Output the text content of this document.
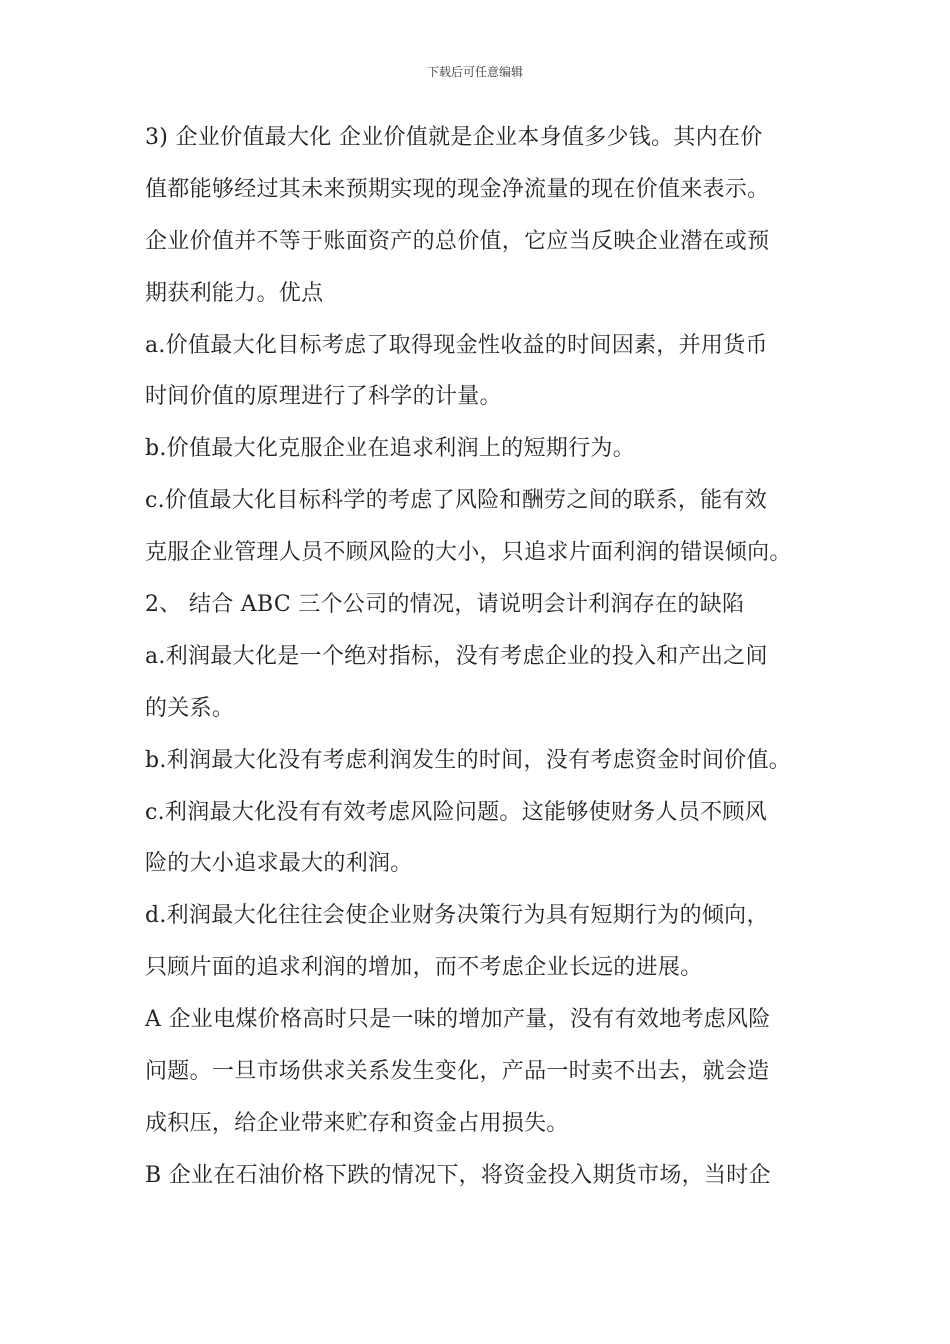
下载后可任意编辑
3) 企业价值最大化 企业价值就是企业本身值多少钱。其内在价
值都能够经过其未来预期实现的现金净流量的现在价值来表示。
企业价值并不等于账面资产的总价值，它应当反映企业潜在或预
期获利能力。优点
a.价值最大化目标考虑了取得现金性收益的时间因素，并用货币
时间价值的原理进行了科学的计量。
b.价值最大化克服企业在追求利润上的短期行为。
c.价值最大化目标科学的考虑了风险和酬劳之间的联系，能有效
克服企业管理人员不顾风险的大小，只追求片面利润的错误倾向。
2、 结合 ABC 三个公司的情况，请说明会计利润存在的缺陷
a.利润最大化是一个绝对指标，没有考虑企业的投入和产出之间
的关系。
b.利润最大化没有考虑利润发生的时间，没有考虑资金时间价值。
c.利润最大化没有有效考虑风险问题。这能够使财务人员不顾风
险的大小追求最大的利润。
d.利润最大化往往会使企业财务决策行为具有短期行为的倾向，
只顾片面的追求利润的增加，而不考虑企业长远的进展。
A 企业电煤价格高时只是一味的增加产量，没有有效地考虑风险
问题。一旦市场供求关系发生变化，产品一时卖不出去，就会造
成积压，给企业带来贮存和资金占用损失。
B 企业在石油价格下跌的情况下，将资金投入期货市场，当时企
